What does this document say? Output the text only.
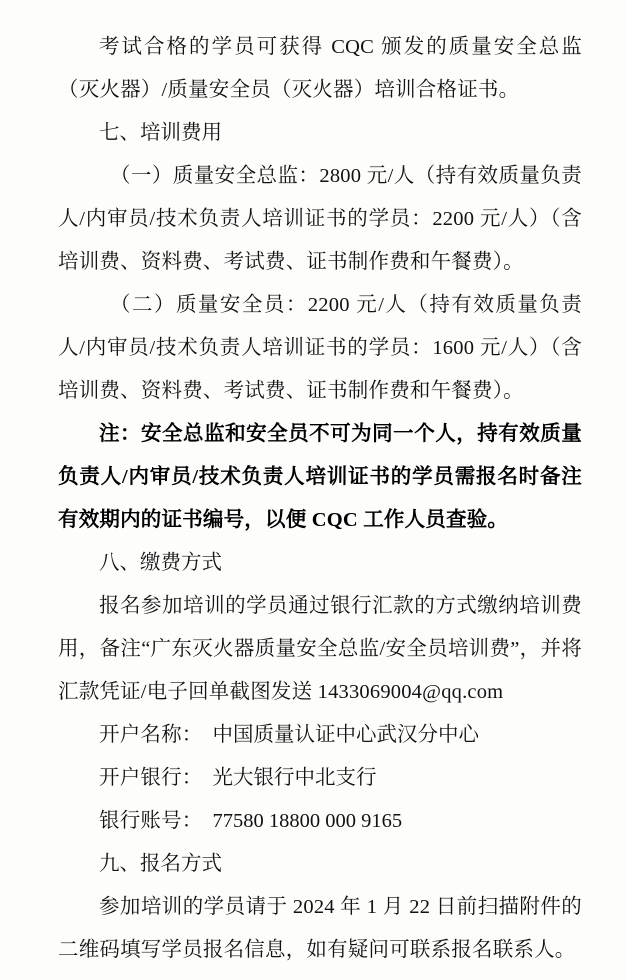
考试合格的学员可获得 CQC 颁发的质量安全总监（灭火器）/质量安全员（灭火器）培训合格证书。

七、培训费用

（一）质量安全总监：2800 元/人（持有效质量负责人/内审员/技术负责人培训证书的学员：2200 元/人）（含培训费、资料费、考试费、证书制作费和午餐费）。

（二）质量安全员：2200 元/人（持有效质量负责人/内审员/技术负责人培训证书的学员：1600 元/人）（含培训费、资料费、考试费、证书制作费和午餐费）。

注：安全总监和安全员不可为同一个人，持有效质量负责人/内审员/技术负责人培训证书的学员需报名时备注有效期内的证书编号，以便 CQC 工作人员查验。

八、缴费方式

报名参加培训的学员通过银行汇款的方式缴纳培训费用，备注“广东灭火器质量安全总监/安全员培训费”，并将汇款凭证/电子回单截图发送 1433069004@qq.com

开户名称： 中国质量认证中心武汉分中心

开户银行： 光大银行中北支行

银行账号： 77580 18800 000 9165

九、报名方式

参加培训的学员请于 2024 年 1 月 22 日前扫描附件的二维码填写学员报名信息，如有疑问可联系报名联系人。
